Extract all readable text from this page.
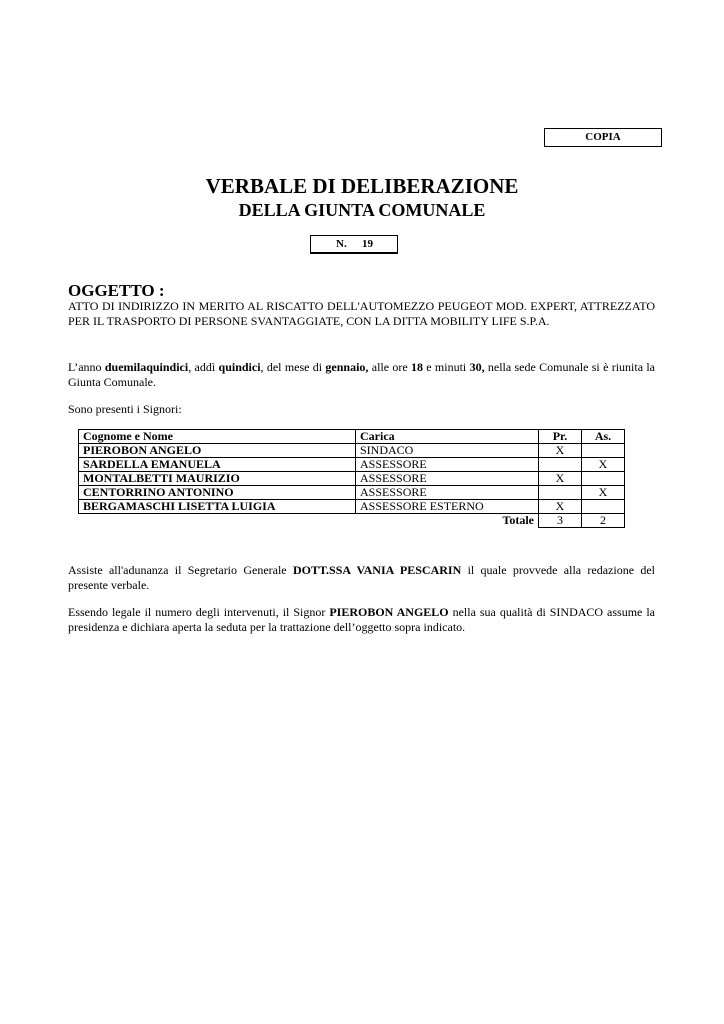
COPIA
VERBALE DI DELIBERAZIONE
DELLA GIUNTA COMUNALE
N. 19
OGGETTO :
ATTO DI INDIRIZZO IN MERITO AL RISCATTO DELL'AUTOMEZZO PEUGEOT MOD. EXPERT, ATTREZZATO PER IL TRASPORTO DI PERSONE SVANTAGGIATE, CON LA DITTA MOBILITY LIFE S.P.A.
L’anno duemilaquindici, addì quindici, del mese di gennaio, alle ore 18 e minuti 30, nella sede Comunale si è riunita la Giunta Comunale.
Sono presenti i Signori:
Cognome e Nome	Carica	Pr.	As.
PIEROBON ANGELO	SINDACO	X	
SARDELLA EMANUELA	ASSESSORE		X
MONTALBETTI MAURIZIO	ASSESSORE	X	
CENTORRINO ANTONINO	ASSESSORE		X
BERGAMASCHI LISETTA LUIGIA	ASSESSORE ESTERNO	X	
	Totale	3	2
Assiste all'adunanza il Segretario Generale DOTT.SSA VANIA PESCARIN il quale provvede alla redazione del presente verbale.
Essendo legale il numero degli intervenuti, il Signor PIEROBON ANGELO nella sua qualità di SINDACO assume la presidenza e dichiara aperta la seduta per la trattazione dell’oggetto sopra indicato.
